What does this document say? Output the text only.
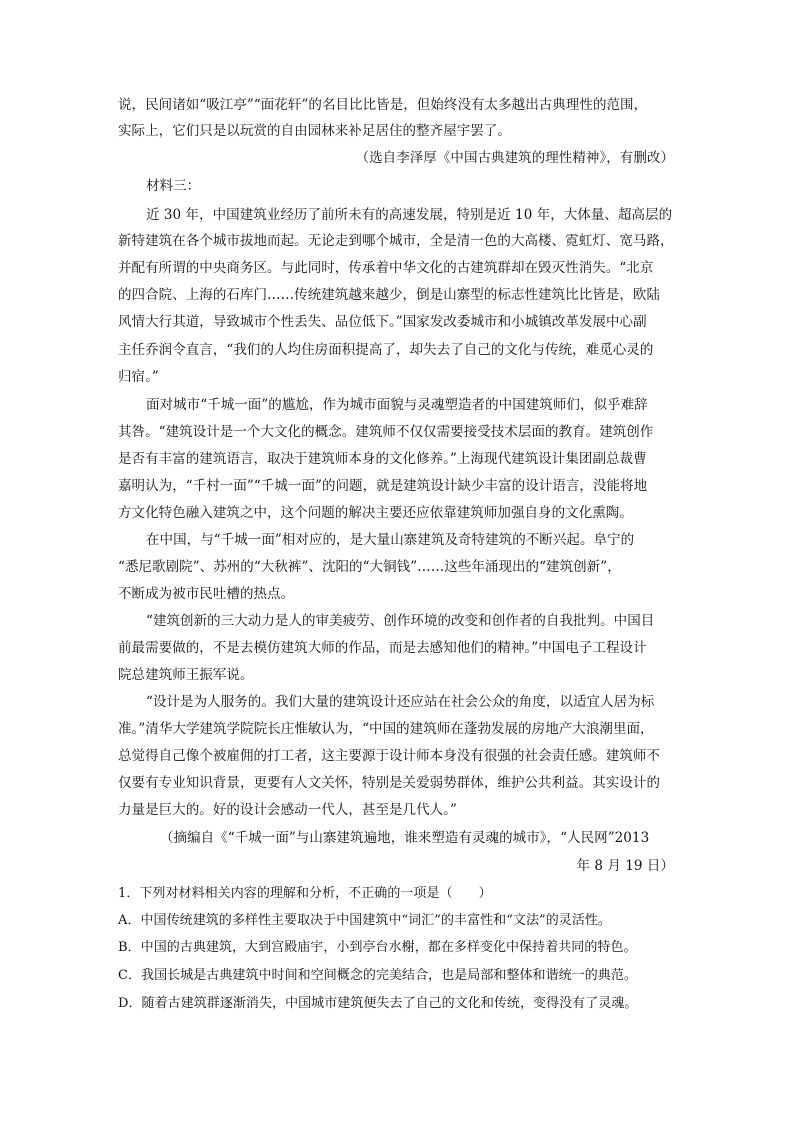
说，民间诸如“吸江亭”“面花轩”的名目比比皆是，但始终没有太多越出古典理性的范围，
实际上，它们只是以玩赏的自由园林来补足居住的整齐屋宇罢了。
（选自李泽厚《中国古典建筑的理性精神》，有删改）
材料三：
近 30 年，中国建筑业经历了前所未有的高速发展，特别是近 10 年，大体量、超高层的
新特建筑在各个城市拔地而起。无论走到哪个城市，全是清一色的大高楼、霓虹灯、宽马路，
并配有所谓的中央商务区。与此同时，传承着中华文化的古建筑群却在毁灭性消失。“北京
的四合院、上海的石库门……传统建筑越来越少，倒是山寨型的标志性建筑比比皆是，欧陆
风情大行其道，导致城市个性丢失、品位低下。”国家发改委城市和小城镇改革发展中心副
主任乔润令直言，“我们的人均住房面积提高了，却失去了自己的文化与传统，难觅心灵的
归宿。”
面对城市“千城一面”的尴尬，作为城市面貌与灵魂塑造者的中国建筑师们，似乎难辞
其咎。“建筑设计是一个大文化的概念。建筑师不仅仅需要接受技术层面的教育。建筑创作
是否有丰富的建筑语言，取决于建筑师本身的文化修养。”上海现代建筑设计集团副总裁曹
嘉明认为，“千村一面”“千城一面”的问题，就是建筑设计缺少丰富的设计语言，没能将地
方文化特色融入建筑之中，这个问题的解决主要还应依靠建筑师加强自身的文化熏陶。
在中国，与“千城一面”相对应的，是大量山寨建筑及奇特建筑的不断兴起。阜宁的
“悉尼歌剧院”、苏州的“大秋裤”、沈阳的“大铜钱”……这些年涌现出的“建筑创新”，
不断成为被市民吐槽的热点。
“建筑创新的三大动力是人的审美疲劳、创作环境的改变和创作者的自我批判。中国目
前最需要做的，不是去模仿建筑大师的作品，而是去感知他们的精神。”中国电子工程设计
院总建筑师王振军说。
“设计是为人服务的。我们大量的建筑设计还应站在社会公众的角度，以适宜人居为标
准。”清华大学建筑学院院长庄惟敏认为，“中国的建筑师在蓬勃发展的房地产大浪潮里面，
总觉得自己像个被雇佣的打工者，这主要源于设计师本身没有很强的社会责任感。建筑师不
仅要有专业知识背景，更要有人文关怀，特别是关爱弱势群体，维护公共利益。其实设计的
力量是巨大的。好的设计会感动一代人，甚至是几代人。”
（摘编自《“千城一面”与山寨建筑遍地，谁来塑造有灵魂的城市》，“人民网”2013
年 8 月 19 日）
1．下列对材料相关内容的理解和分析，不正确的一项是（　　）
A．中国传统建筑的多样性主要取决于中国建筑中“词汇”的丰富性和“文法”的灵活性。
B．中国的古典建筑，大到宫殿庙宇，小到亭台水榭，都在多样变化中保持着共同的特色。
C．我国长城是古典建筑中时间和空间概念的完美结合，也是局部和整体和谐统一的典范。
D．随着古建筑群逐渐消失，中国城市建筑便失去了自己的文化和传统，变得没有了灵魂。
